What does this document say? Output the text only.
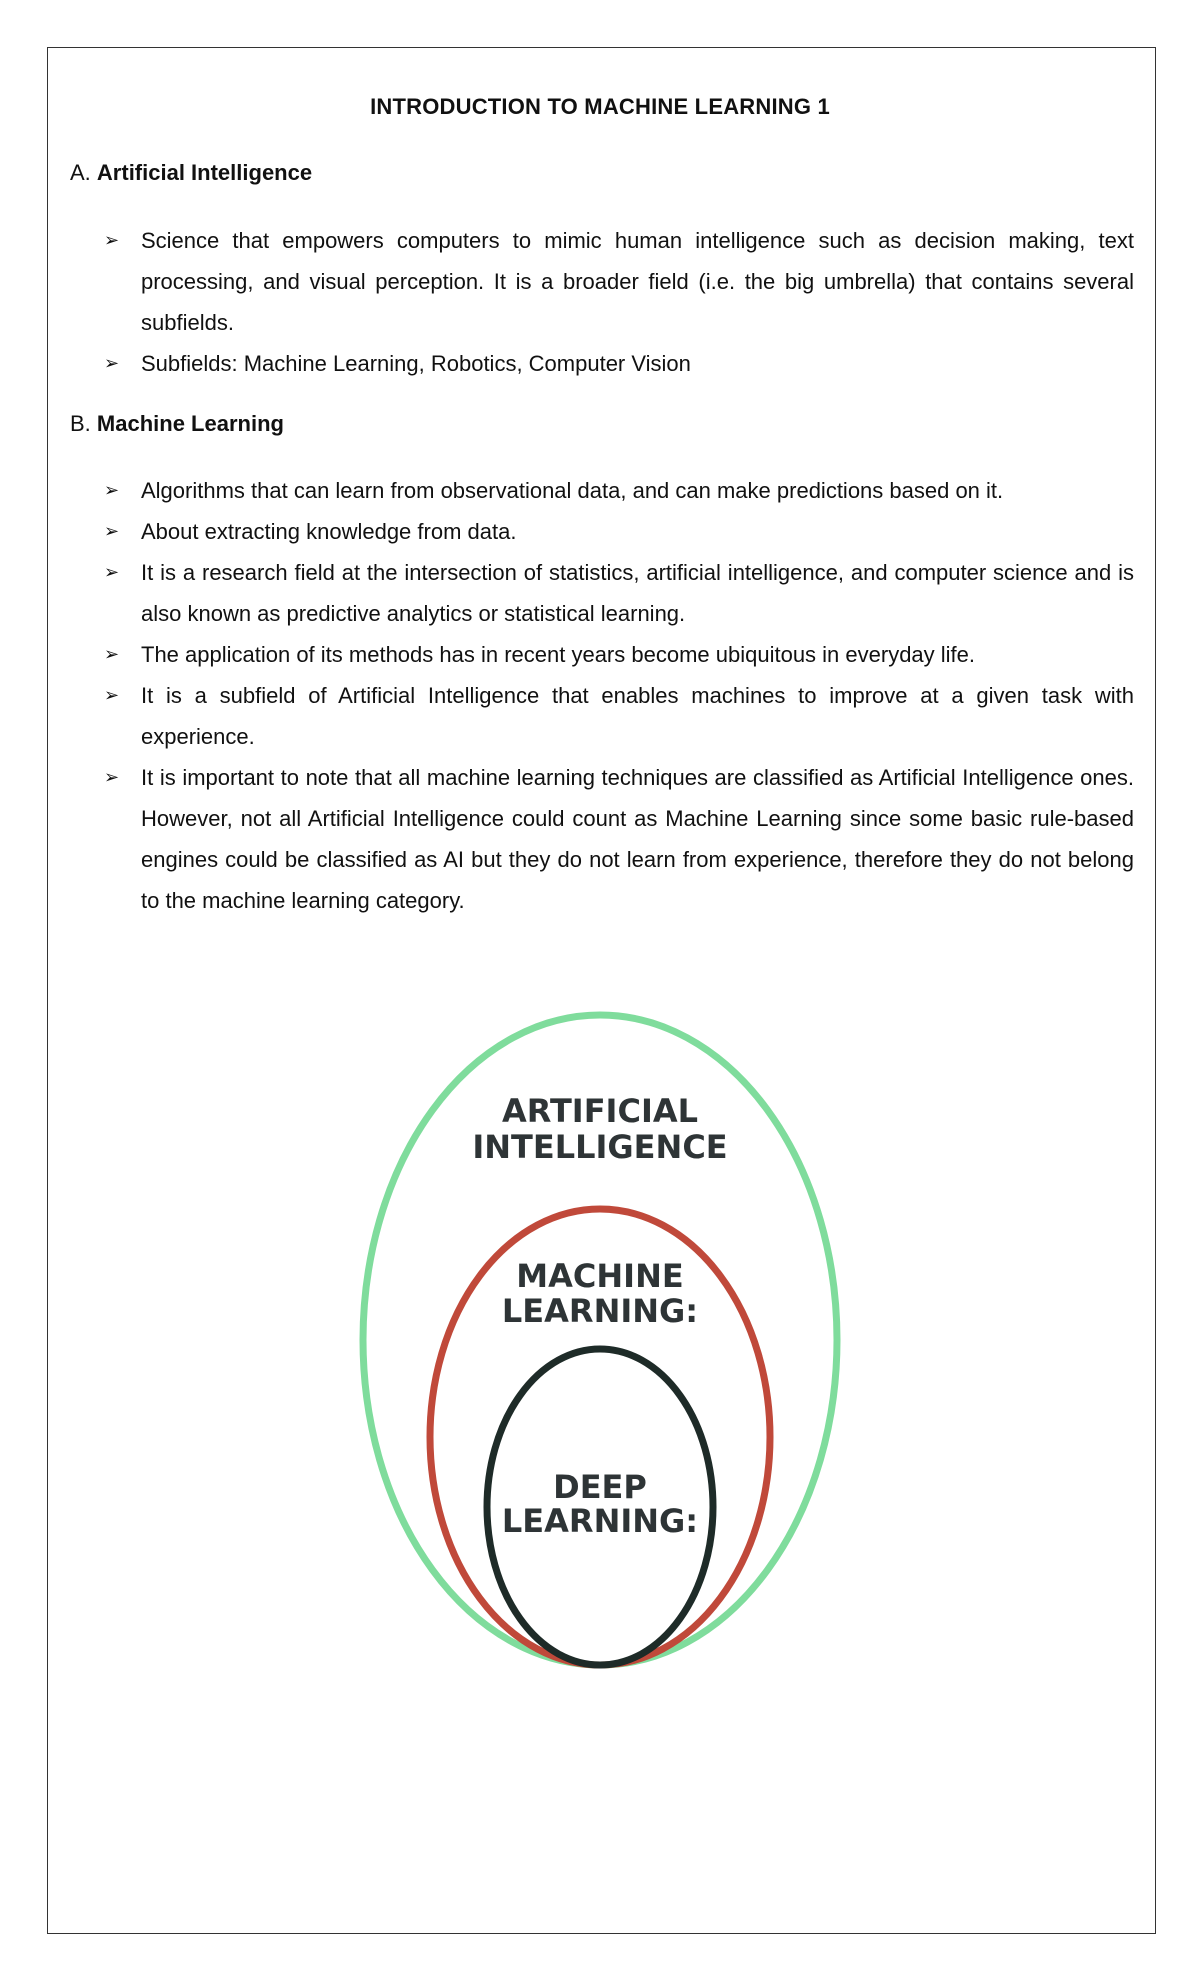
INTRODUCTION TO MACHINE LEARNING 1
A. Artificial Intelligence
➢ Science that empowers computers to mimic human intelligence such as decision making, text processing, and visual perception. It is a broader field (i.e. the big umbrella) that contains several subfields.
➢ Subfields: Machine Learning, Robotics, Computer Vision
B. Machine Learning
➢ Algorithms that can learn from observational data, and can make predictions based on it.
➢ About extracting knowledge from data.
➢ It is a research field at the intersection of statistics, artificial intelligence, and computer science and is also known as predictive analytics or statistical learning.
➢ The application of its methods has in recent years become ubiquitous in everyday life.
➢ It is a subfield of Artificial Intelligence that enables machines to improve at a given task with experience.
➢ It is important to note that all machine learning techniques are classified as Artificial Intelligence ones. However, not all Artificial Intelligence could count as Machine Learning since some basic rule-based engines could be classified as AI but they do not learn from experience, therefore they do not belong to the machine learning category.
ARTIFICIAL
INTELLIGENCE
MACHINE
LEARNING:
DEEP
LEARNING:
